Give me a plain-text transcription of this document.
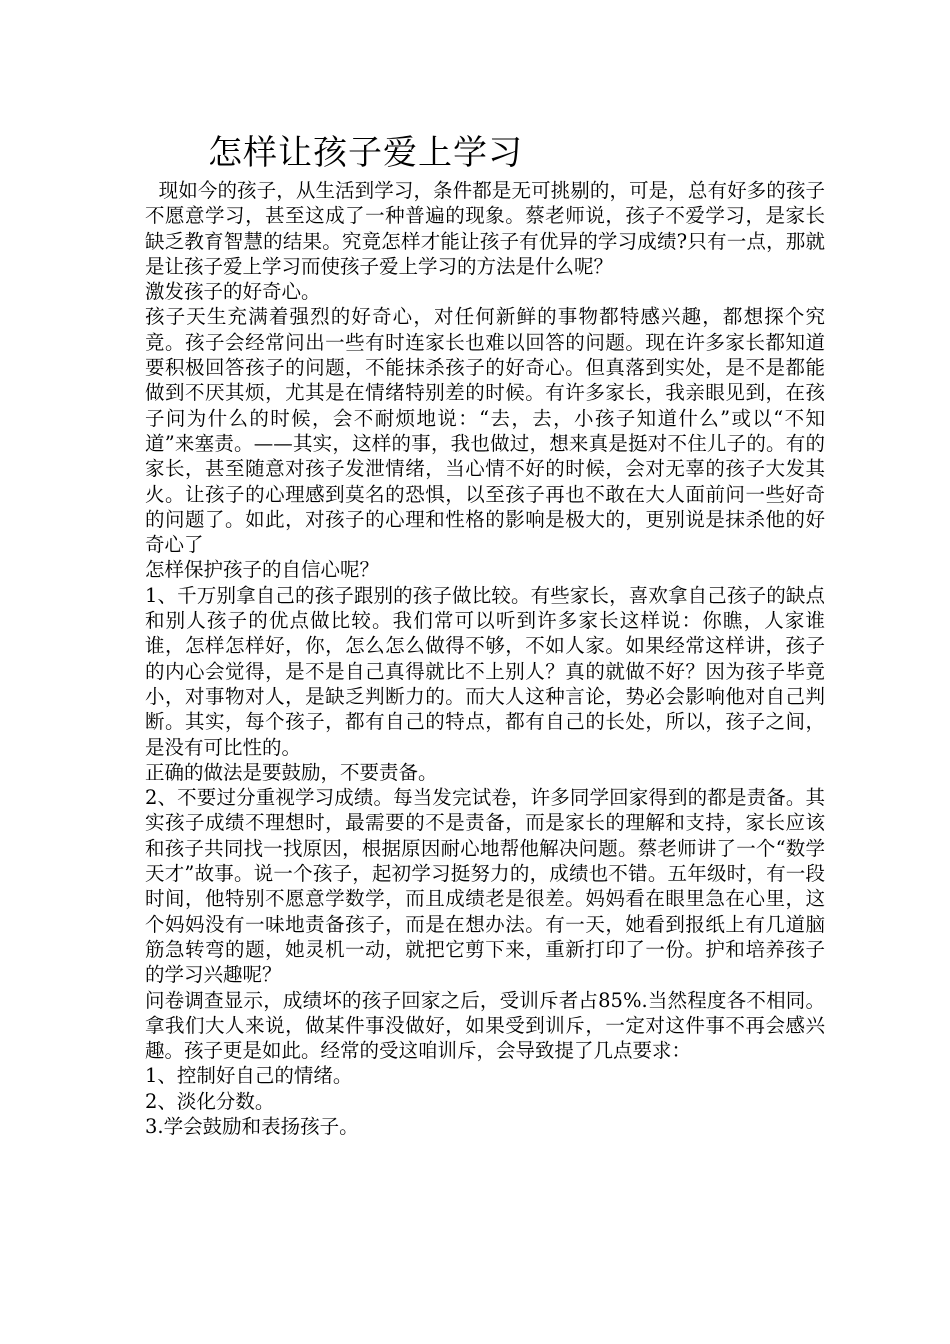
怎样让孩子爱上学习

现如今的孩子，从生活到学习，条件都是无可挑剔的，可是，总有好多的孩子不愿意学习，甚至这成了一种普遍的现象。蔡老师说，孩子不爱学习，是家长缺乏教育智慧的结果。究竟怎样才能让孩子有优异的学习成绩?只有一点，那就是让孩子爱上学习而使孩子爱上学习的方法是什么呢？

激发孩子的好奇心。

孩子天生充满着强烈的好奇心，对任何新鲜的事物都特感兴趣，都想探个究竟。孩子会经常问出一些有时连家长也难以回答的问题。现在许多家长都知道要积极回答孩子的问题，不能抹杀孩子的好奇心。但真落到实处，是不是都能做到不厌其烦，尤其是在情绪特别差的时候。有许多家长，我亲眼见到，在孩子问为什么的时候，会不耐烦地说：“去，去，小孩子知道什么”或以“不知道”来塞责。——其实，这样的事，我也做过，想来真是挺对不住儿子的。有的家长，甚至随意对孩子发泄情绪，当心情不好的时候，会对无辜的孩子大发其火。让孩子的心理感到莫名的恐惧，以至孩子再也不敢在大人面前问一些好奇的问题了。如此，对孩子的心理和性格的影响是极大的，更别说是抹杀他的好奇心了

怎样保护孩子的自信心呢？

1、千万别拿自己的孩子跟别的孩子做比较。有些家长，喜欢拿自己孩子的缺点和别人孩子的优点做比较。我们常可以听到许多家长这样说：你瞧，人家谁谁，怎样怎样好，你，怎么怎么做得不够，不如人家。如果经常这样讲，孩子的内心会觉得，是不是自己真得就比不上别人？真的就做不好？因为孩子毕竟小，对事物对人，是缺乏判断力的。而大人这种言论，势必会影响他对自己判断。其实，每个孩子，都有自己的特点，都有自己的长处，所以，孩子之间，是没有可比性的。

正确的做法是要鼓励，不要责备。

2、不要过分重视学习成绩。每当发完试卷，许多同学回家得到的都是责备。其实孩子成绩不理想时，最需要的不是责备，而是家长的理解和支持，家长应该和孩子共同找一找原因，根据原因耐心地帮他解决问题。蔡老师讲了一个“数学天才”故事。说一个孩子，起初学习挺努力的，成绩也不错。五年级时，有一段时间，他特别不愿意学数学，而且成绩老是很差。妈妈看在眼里急在心里，这个妈妈没有一味地责备孩子，而是在想办法。有一天，她看到报纸上有几道脑筋急转弯的题，她灵机一动，就把它剪下来，重新打印了一份。护和培养孩子的学习兴趣呢？

问卷调查显示，成绩坏的孩子回家之后，受训斥者占85%.当然程度各不相同。拿我们大人来说，做某件事没做好，如果受到训斥，一定对这件事不再会感兴趣。孩子更是如此。经常的受这咱训斥，会导致提了几点要求：

1、控制好自己的情绪。

2、淡化分数。

3.学会鼓励和表扬孩子。
